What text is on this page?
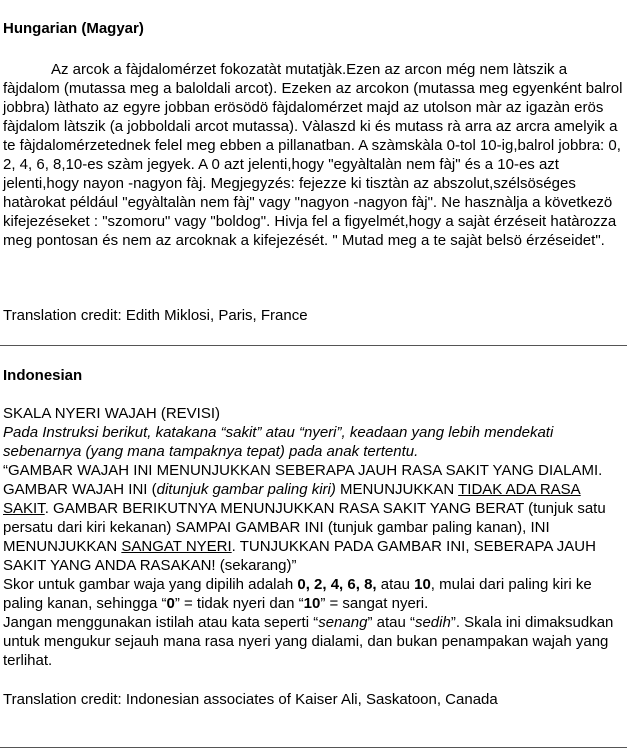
Hungarian (Magyar)
Az arcok a fàjdalomérzet fokozatàt mutatjàk.Ezen az arcon még nem làtszik a fàjdalom (mutassa meg a baloldali arcot). Ezeken az arcokon (mutassa meg egyenként balrol jobbra) làthato az egyre jobban erösödö fàjdalomérzet majd az utolson màr az igazàn erös fàjdalom làtszik (a jobboldali arcot mutassa). Vàlaszd ki és mutass rà arra az arcra amelyik a te fàjdalomérzetednek felel meg ebben a pillanatban. A szàmskàla 0-tol 10-ig,balrol jobbra: 0, 2, 4, 6, 8,10-es szàm jegyek. A 0 azt jelenti,hogy "egyàltalàn nem fàj" és a 10-es azt jelenti,hogy nayon -nagyon fàj. Megjegyzés: fejezze ki tisztàn az abszolut,szélsöséges hatàrokat például "egyàltalàn nem fàj" vagy "nagyon -nagyon fàj". Ne hasznàlja a következö kifejezéseket : "szomoru" vagy "boldog". Hivja fel a figyelmét,hogy a sajàt érzéseit hatàrozza meg pontosan és nem az arcoknak a kifejezését. " Mutad meg a te sajàt belsö érzéseidet".
Translation credit: Edith Miklosi, Paris, France
Indonesian
SKALA NYERI WAJAH (REVISI)
Pada Instruksi berikut, katakana “sakit” atau “nyeri”, keadaan yang lebih mendekati sebenarnya (yang mana tampaknya tepat) pada anak tertentu.
“GAMBAR WAJAH INI MENUNJUKKAN SEBERAPA JAUH RASA SAKIT YANG DIALAMI. GAMBAR WAJAH INI (ditunjuk gambar paling kiri) MENUNJUKKAN TIDAK ADA RASA SAKIT. GAMBAR BERIKUTNYA MENUNJUKKAN RASA SAKIT YANG BERAT (tunjuk satu persatu dari kiri kekanan) SAMPAI GAMBAR INI (tunjuk gambar paling kanan), INI MENUNJUKKAN SANGAT NYERI. TUNJUKKAN PADA GAMBAR INI, SEBERAPA JAUH SAKIT YANG ANDA RASAKAN! (sekarang)”
Skor untuk gambar waja yang dipilih adalah 0, 2, 4, 6, 8, atau 10, mulai dari paling kiri ke paling kanan, sehingga “0” = tidak nyeri dan “10” = sangat nyeri.
Jangan menggunakan istilah atau kata seperti “senang” atau “sedih”. Skala ini dimaksudkan untuk mengukur sejauh mana rasa nyeri yang dialami, dan bukan penampakan wajah yang terlihat.
Translation credit: Indonesian associates of Kaiser Ali, Saskatoon, Canada
